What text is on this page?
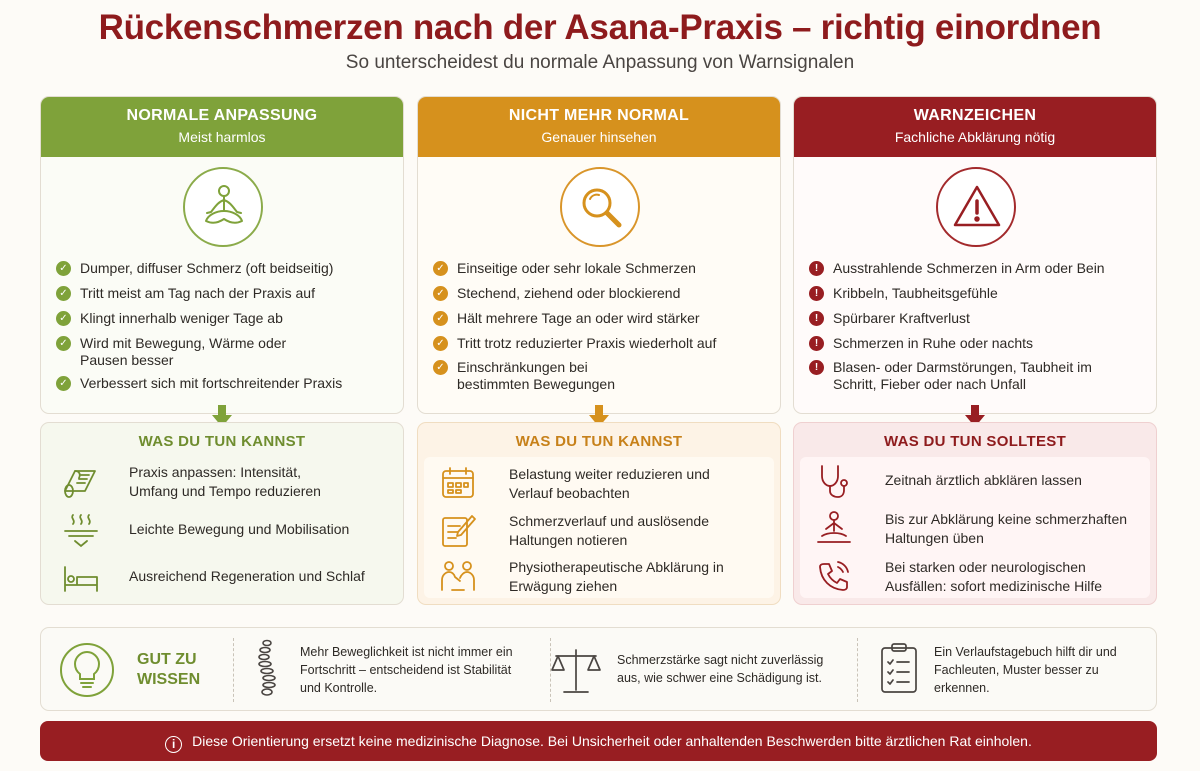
Rückenschmerzen nach der Asana-Praxis – richtig einordnen
So unterscheidest du normale Anpassung von Warnsignalen
NORMALE ANPASSUNG
Meist harmlos
✓ Dumper, diffuser Schmerz (oft beidseitig)
✓ Tritt meist am Tag nach der Praxis auf
✓ Klingt innerhalb weniger Tage ab
✓ Wird mit Bewegung, Wärme oder Pausen besser
✓ Verbessert sich mit fortschreitender Praxis
WAS DU TUN KANNST
Praxis anpassen: Intensität, Umfang und Tempo reduzieren
Leichte Bewegung und Mobilisation
Ausreichend Regeneration und Schlaf
NICHT MEHR NORMAL
Genauer hinsehen
✓ Einseitige oder sehr lokale Schmerzen
✓ Stechend, ziehend oder blockierend
✓ Hält mehrere Tage an oder wird stärker
✓ Tritt trotz reduzierter Praxis wiederholt auf
✓ Einschränkungen bei bestimmten Bewegungen
WAS DU TUN KANNST
Belastung weiter reduzieren und Verlauf beobachten
Schmerzverlauf und auslösende Haltungen notieren
Physiotherapeutische Abklärung in Erwägung ziehen
WARNZEICHEN
Fachliche Abklärung nötig
!	Ausstrahlende Schmerzen in Arm oder Bein
!	Kribbeln, Taubheitsgefühle
!	Spürbarer Kraftverlust
!	Schmerzen in Ruhe oder nachts
!	Blasen- oder Darmstörungen, Taubheit im Schritt, Fieber oder nach Unfall
WAS DU TUN SOLLTEST
Zeitnah ärztlich abklären lassen
Bis zur Abklärung keine schmerzhaften Haltungen üben
Bei starken oder neurologischen Ausfällen: sofort medizinische Hilfe
GUT ZU WISSEN
Mehr Beweglichkeit ist nicht immer ein Fortschritt – entscheidend ist Stabilität und Kontrolle.
Schmerzstärke sagt nicht zuverlässig aus, wie schwer eine Schädigung ist.
Ein Verlaufstagebuch hilft dir und Fachleuten, Muster besser zu erkennen.
i Diese Orientierung ersetzt keine medizinische Diagnose. Bei Unsicherheit oder anhaltenden Beschwerden bitte ärztlichen Rat einholen.
